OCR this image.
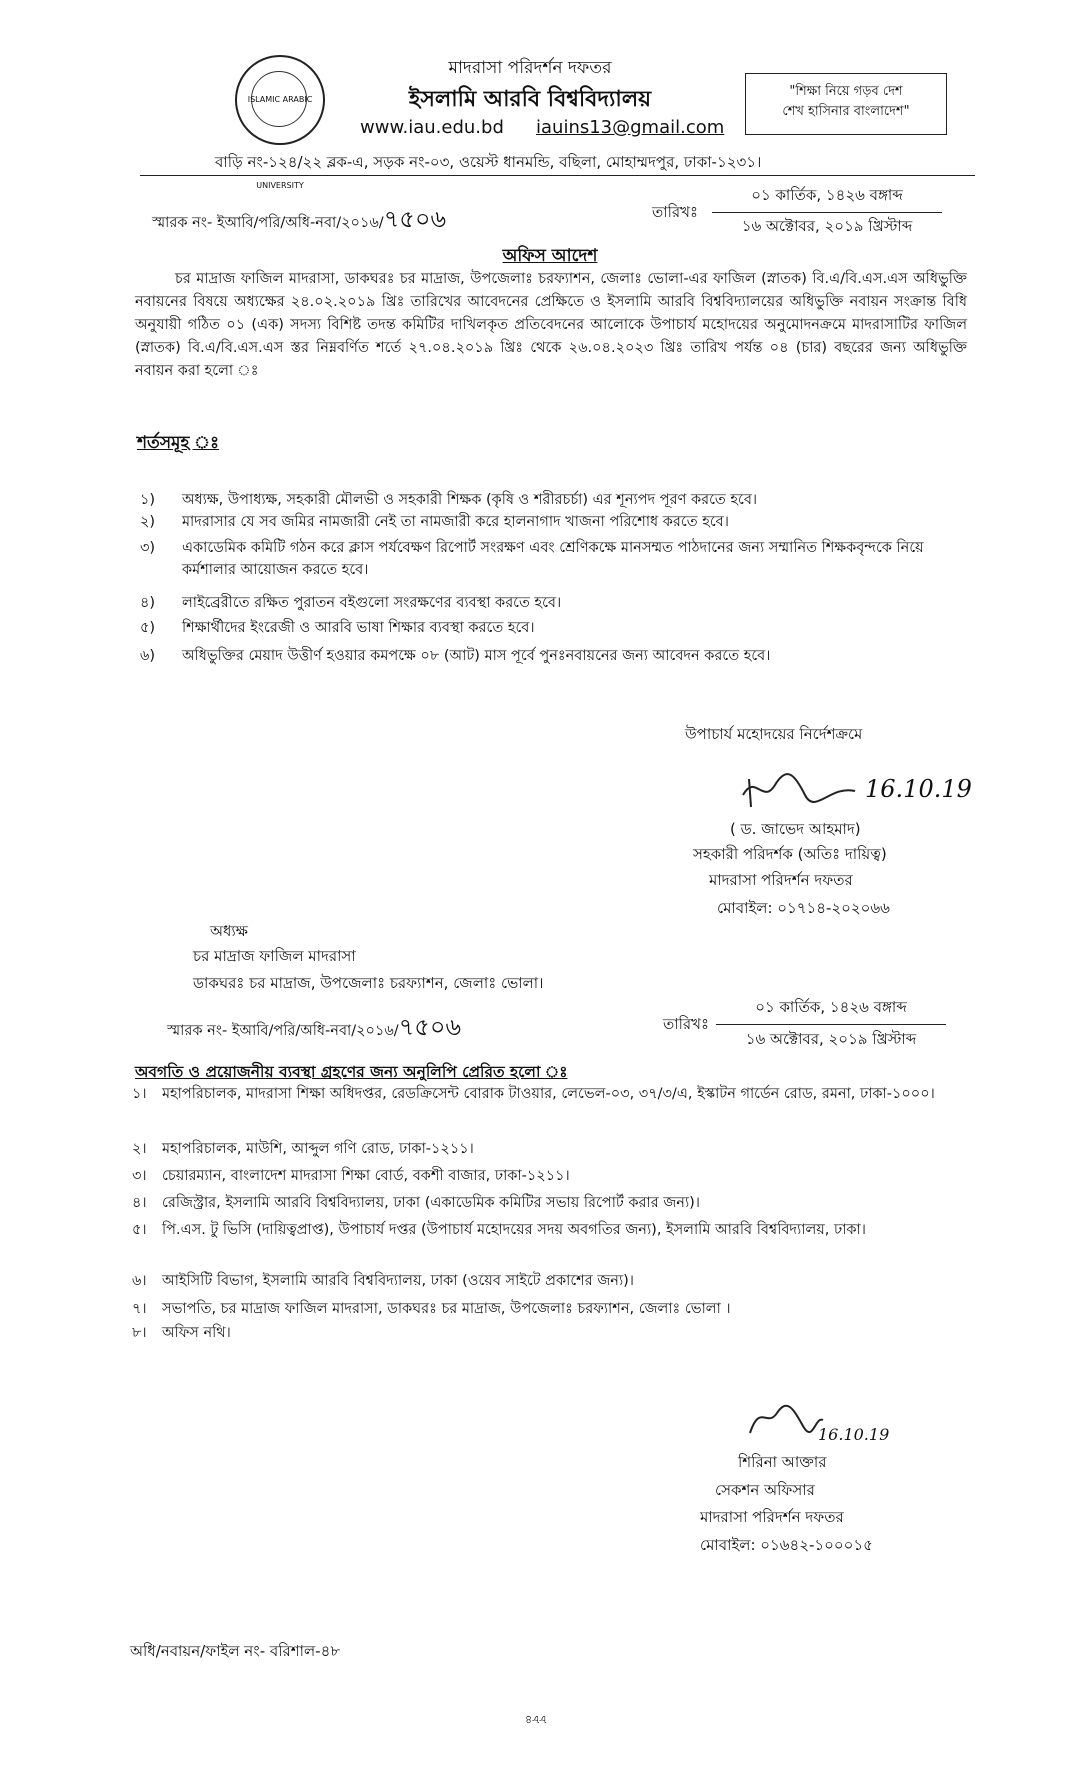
ISLAMIC ARABIC UNIVERSITY
মাদরাসা পরিদর্শন দফতর
ইসলামি আরবি বিশ্ববিদ্যালয়
www.iau.edu.bd iauins13@gmail.com
"শিক্ষা নিয়ে গড়ব দেশ
শেখ হাসিনার বাংলাদেশ"
বাড়ি নং-১২৪/২২ ব্লক-এ, সড়ক নং-০৩, ওয়েস্ট ধানমন্ডি, বছিলা, মোহাম্মদপুর, ঢাকা-১২৩১।
স্মারক নং- ইআবি/পরি/অধি-নবা/২০১৬/৭৫০৬	তারিখঃ
০১ কার্তিক, ১৪২৬ বঙ্গাব্দ
১৬ অক্টোবর, ২০১৯ খ্রিস্টাব্দ
অফিস আদেশ
চর মাদ্রাজ ফাজিল মাদরাসা, ডাকঘরঃ চর মাদ্রাজ, উপজেলাঃ চরফ্যাশন, জেলাঃ ভোলা-এর ফাজিল (স্নাতক) বি.এ/বি.এস.এস অধিভুক্তি নবায়নের বিষয়ে অধ্যক্ষের ২৪.০২.২০১৯ খ্রিঃ তারিখের আবেদনের প্রেক্ষিতে ও ইসলামি আরবি বিশ্ববিদ্যালয়ের অধিভুক্তি নবায়ন সংক্রান্ত বিধি অনুযায়ী গঠিত ০১ (এক) সদস্য বিশিষ্ট তদন্ত কমিটির দাখিলকৃত প্রতিবেদনের আলোকে উপাচার্য মহোদয়ের অনুমোদনক্রমে মাদরাসাটির ফাজিল (স্নাতক) বি.এ/বি.এস.এস স্তর নিম্নবর্ণিত শর্তে ২৭.০৪.২০১৯ খ্রিঃ থেকে ২৬.০৪.২০২৩ খ্রিঃ তারিখ পর্যন্ত ০৪ (চার) বছরের জন্য অধিভুক্তি নবায়ন করা হলো ঃ
শর্তসমূহ ঃ
১) অধ্যক্ষ, উপাধ্যক্ষ, সহকারী মৌলভী ও সহকারী শিক্ষক (কৃষি ও শরীরচর্চা) এর শূন্যপদ পূরণ করতে হবে।
২) মাদরাসার যে সব জমির নামজারী নেই তা নামজারী করে হালনাগাদ খাজনা পরিশোধ করতে হবে।
৩) একাডেমিক কমিটি গঠন করে ক্লাস পর্যবেক্ষণ রিপোর্ট সংরক্ষণ এবং শ্রেণিকক্ষে মানসম্মত পাঠদানের জন্য সম্মানিত শিক্ষকবৃন্দকে নিয়ে কর্মশালার আয়োজন করতে হবে।
৪) লাইব্রেরীতে রক্ষিত পুরাতন বইগুলো সংরক্ষণের ব্যবস্থা করতে হবে।
৫) শিক্ষার্থীদের ইংরেজী ও আরবি ভাষা শিক্ষার ব্যবস্থা করতে হবে।
৬) অধিভুক্তির মেয়াদ উত্তীর্ণ হওয়ার কমপক্ষে ০৮ (আট) মাস পূর্বে পুনঃনবায়নের জন্য আবেদন করতে হবে।
উপাচার্য মহোদয়ের নির্দেশক্রমে
16.10.19
( ড. জাভেদ আহমাদ)
সহকারী পরিদর্শক (অতিঃ দায়িত্ব)
মাদরাসা পরিদর্শন দফতর
মোবাইল: ০১৭১৪-২০২০৬৬
অধ্যক্ষ
চর মাদ্রাজ ফাজিল মাদরাসা
ডাকঘরঃ চর মাদ্রাজ, উপজেলাঃ চরফ্যাশন, জেলাঃ ভোলা।
স্মারক নং- ইআবি/পরি/অধি-নবা/২০১৬/৭৫০৬	তারিখঃ
০১ কার্তিক, ১৪২৬ বঙ্গাব্দ
১৬ অক্টোবর, ২০১৯ খ্রিস্টাব্দ
অবগতি ও প্রয়োজনীয় ব্যবস্থা গ্রহণের জন্য অনুলিপি প্রেরিত হলো ঃ
১। মহাপরিচালক, মাদরাসা শিক্ষা অধিদপ্তর, রেডক্রিসেন্ট বোরাক টাওয়ার, লেভেল-০৩, ৩৭/৩/এ, ইস্কাটন গার্ডেন রোড, রমনা, ঢাকা-১০০০।
২। মহাপরিচালক, মাউশি, আব্দুল গণি রোড, ঢাকা-১২১১।
৩। চেয়ারম্যান, বাংলাদেশ মাদরাসা শিক্ষা বোর্ড, বকশী বাজার, ঢাকা-১২১১।
৪। রেজিস্ট্রার, ইসলামি আরবি বিশ্ববিদ্যালয়, ঢাকা (একাডেমিক কমিটির সভায় রিপোর্ট করার জন্য)।
৫। পি.এস. টু ভিসি (দায়িত্বপ্রাপ্ত), উপাচার্য দপ্তর (উপাচার্য মহোদয়ের সদয় অবগতির জন্য), ইসলামি আরবি বিশ্ববিদ্যালয়, ঢাকা।
৬। আইসিটি বিভাগ, ইসলামি আরবি বিশ্ববিদ্যালয়, ঢাকা (ওয়েব সাইটে প্রকাশের জন্য)।
৭। সভাপতি, চর মাদ্রাজ ফাজিল মাদরাসা, ডাকঘরঃ চর মাদ্রাজ, উপজেলাঃ চরফ্যাশন, জেলাঃ ভোলা ।
৮। অফিস নথি।
16.10.19
শিরিনা আক্তার
সেকশন অফিসার
মাদরাসা পরিদর্শন দফতর
মোবাইল: ০১৬৪২-১০০০১৫
অধি/নবায়ন/ফাইল নং- বরিশাল-৪৮
৮৮৪
